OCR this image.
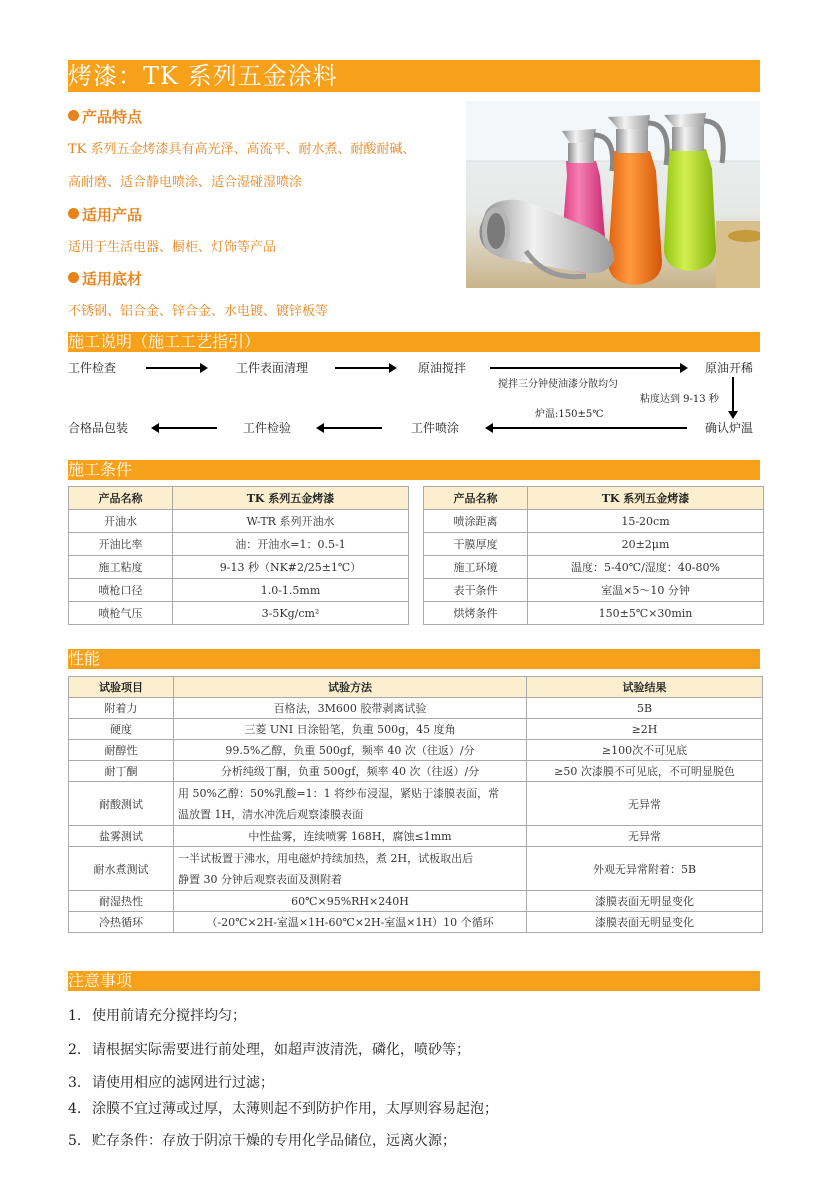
烤漆：TK 系列五金涂料
产品特点
TK 系列五金烤漆具有高光泽、高流平、耐水煮、耐酸耐碱、
高耐磨、适合静电喷涂、适合湿碰湿喷涂
适用产品
适用于生活电器、橱柜、灯饰等产品
适用底材
不锈钢、铝合金、锌合金、水电镀、镀锌板等
施工说明（施工工艺指引）
工件检查	工件表面清理	原油搅拌	原油开稀
搅拌三分钟使油漆分散均匀
粘度达到 9-13 秒
炉温:150±5℃
合格品包装	工件检验	工件喷涂	确认炉温
施工条件
产品名称	TK 系列五金烤漆
开油水	W-TR 系列开油水
开油比率	油：开油水=1：0.5-1
施工粘度	9-13 秒（NK#2/25±1℃）
喷枪口径	1.0-1.5mm
喷枪气压	3-5Kg/cm²
产品名称	TK 系列五金烤漆
喷涂距离	15-20cm
干膜厚度	20±2μm
施工环境	温度：5-40℃/湿度：40-80%
表干条件	室温×5～10 分钟
烘烤条件	150±5℃×30min
性能
试验项目	试验方法	试验结果
附着力	百格法，3M600 胶带剥离试验	5B
硬度	三菱 UNI 日涂铅笔，负重 500g，45 度角	≥2H
耐醇性	99.5%乙醇，负重 500gf，频率 40 次（往返）/分	≥100次不可见底
耐丁酮	分析纯级丁酮，负重 500gf，频率 40 次（往返）/分	≥50 次漆膜不可见底，不可明显脱色
耐酸测试	用 50%乙醇：50%乳酸=1：1 将纱布浸湿，紧贴于漆膜表面，常
温放置 1H，清水冲洗后观察漆膜表面	无异常
盐雾测试	中性盐雾，连续喷雾 168H，腐蚀≤1mm	无异常
耐水煮测试	一半试板置于沸水，用电磁炉持续加热，煮 2H，试板取出后
静置 30 分钟后观察表面及测附着	外观无异常附着：5B
耐湿热性	60℃×95%RH×240H	漆膜表面无明显变化
冷热循环	（-20℃×2H-室温×1H-60℃×2H-室温×1H）10 个循环	漆膜表面无明显变化
注意事项
1. 使用前请充分搅拌均匀；
2. 请根据实际需要进行前处理，如超声波清洗，磷化，喷砂等；
3. 请使用相应的滤网进行过滤；
4. 涂膜不宜过薄或过厚，太薄则起不到防护作用，太厚则容易起泡；
5. 贮存条件：存放于阴凉干燥的专用化学品储位，远离火源；
